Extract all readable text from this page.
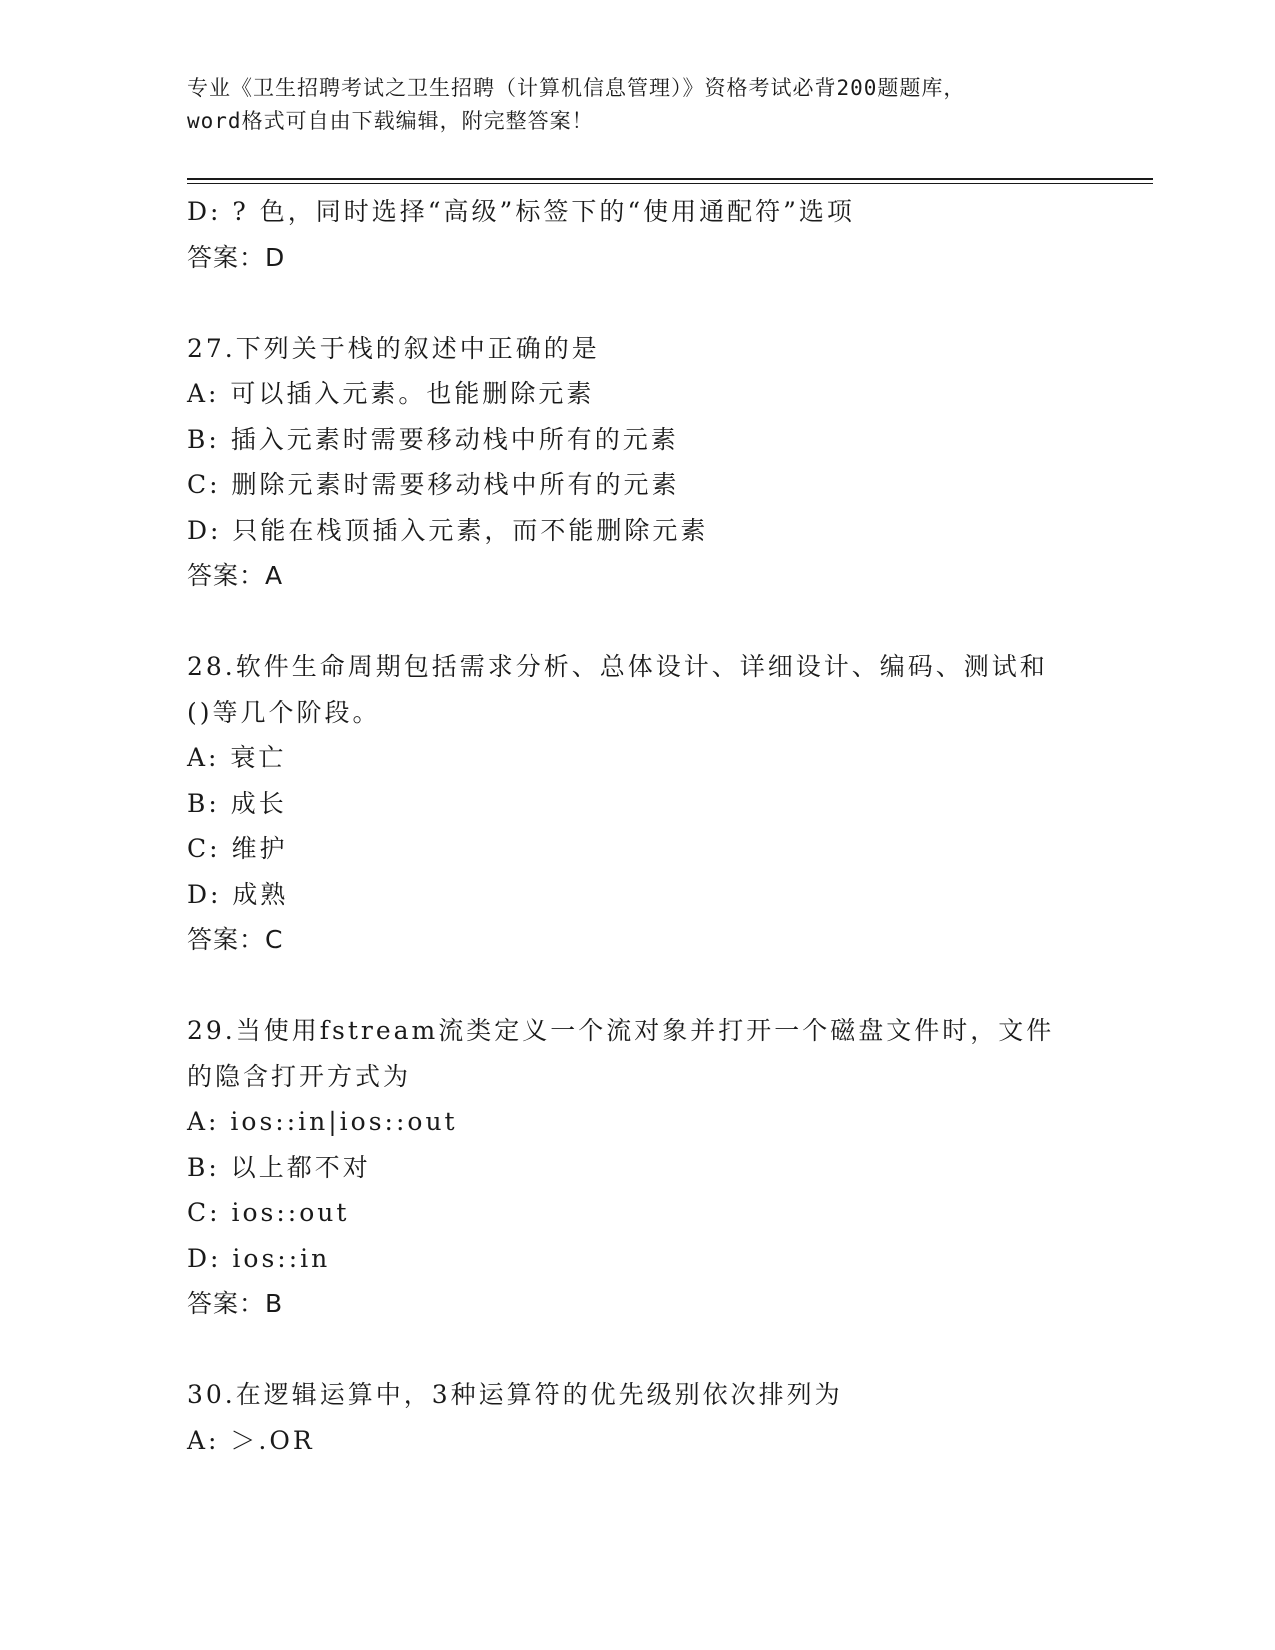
专业《卫生招聘考试之卫生招聘（计算机信息管理）》资格考试必背200题题库，
word格式可自由下载编辑，附完整答案！
D: ? 色，同时选择“高级”标签下的“使用通配符”选项
答案：D
27.下列关于栈的叙述中正确的是
A: 可以插入元素。也能删除元素
B: 插入元素时需要移动栈中所有的元素
C: 删除元素时需要移动栈中所有的元素
D: 只能在栈顶插入元素，而不能删除元素
答案：A
28.软件生命周期包括需求分析、总体设计、详细设计、编码、测试和
()等几个阶段。
A: 衰亡
B: 成长
C: 维护
D: 成熟
答案：C
29.当使用fstream流类定义一个流对象并打开一个磁盘文件时，文件
的隐含打开方式为
A: ios::in|ios::out
B: 以上都不对
C: ios::out
D: ios::in
答案：B
30.在逻辑运算中，3种运算符的优先级别依次排列为
A: ＞.OR
